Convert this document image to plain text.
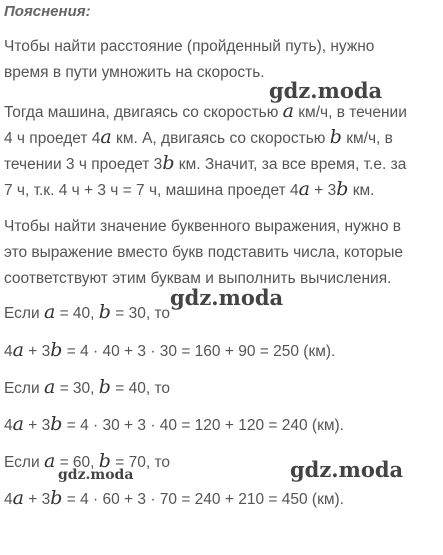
Пояснения:
Чтобы найти расстояние (пройденный путь), нужно
время в пути умножить на скорость.
Тогда машина, двигаясь со скоростью a км/ч, в течении
4 ч проедет 4a км. А, двигаясь со скоростью b км/ч, в
течении 3 ч проедет 3b км. Значит, за все время, т.е. за
7 ч, т.к. 4 ч + 3 ч = 7 ч, машина проедет 4a + 3b км.
Чтобы найти значение буквенного выражения, нужно в
это выражение вместо букв подставить числа, которые
соответствуют этим буквам и выполнить вычисления.
Если a = 40, b = 30, то
4a + 3b = 4 · 40 + 3 · 30 = 160 + 90 = 250 (км).
Если a = 30, b = 40, то
4a + 3b = 4 · 30 + 3 · 40 = 120 + 120 = 240 (км).
Если a = 60, b = 70, то
4a + 3b = 4 · 60 + 3 · 70 = 240 + 210 = 450 (км).
gdz.moda
gdz.moda
gdz.moda
gdz.moda
